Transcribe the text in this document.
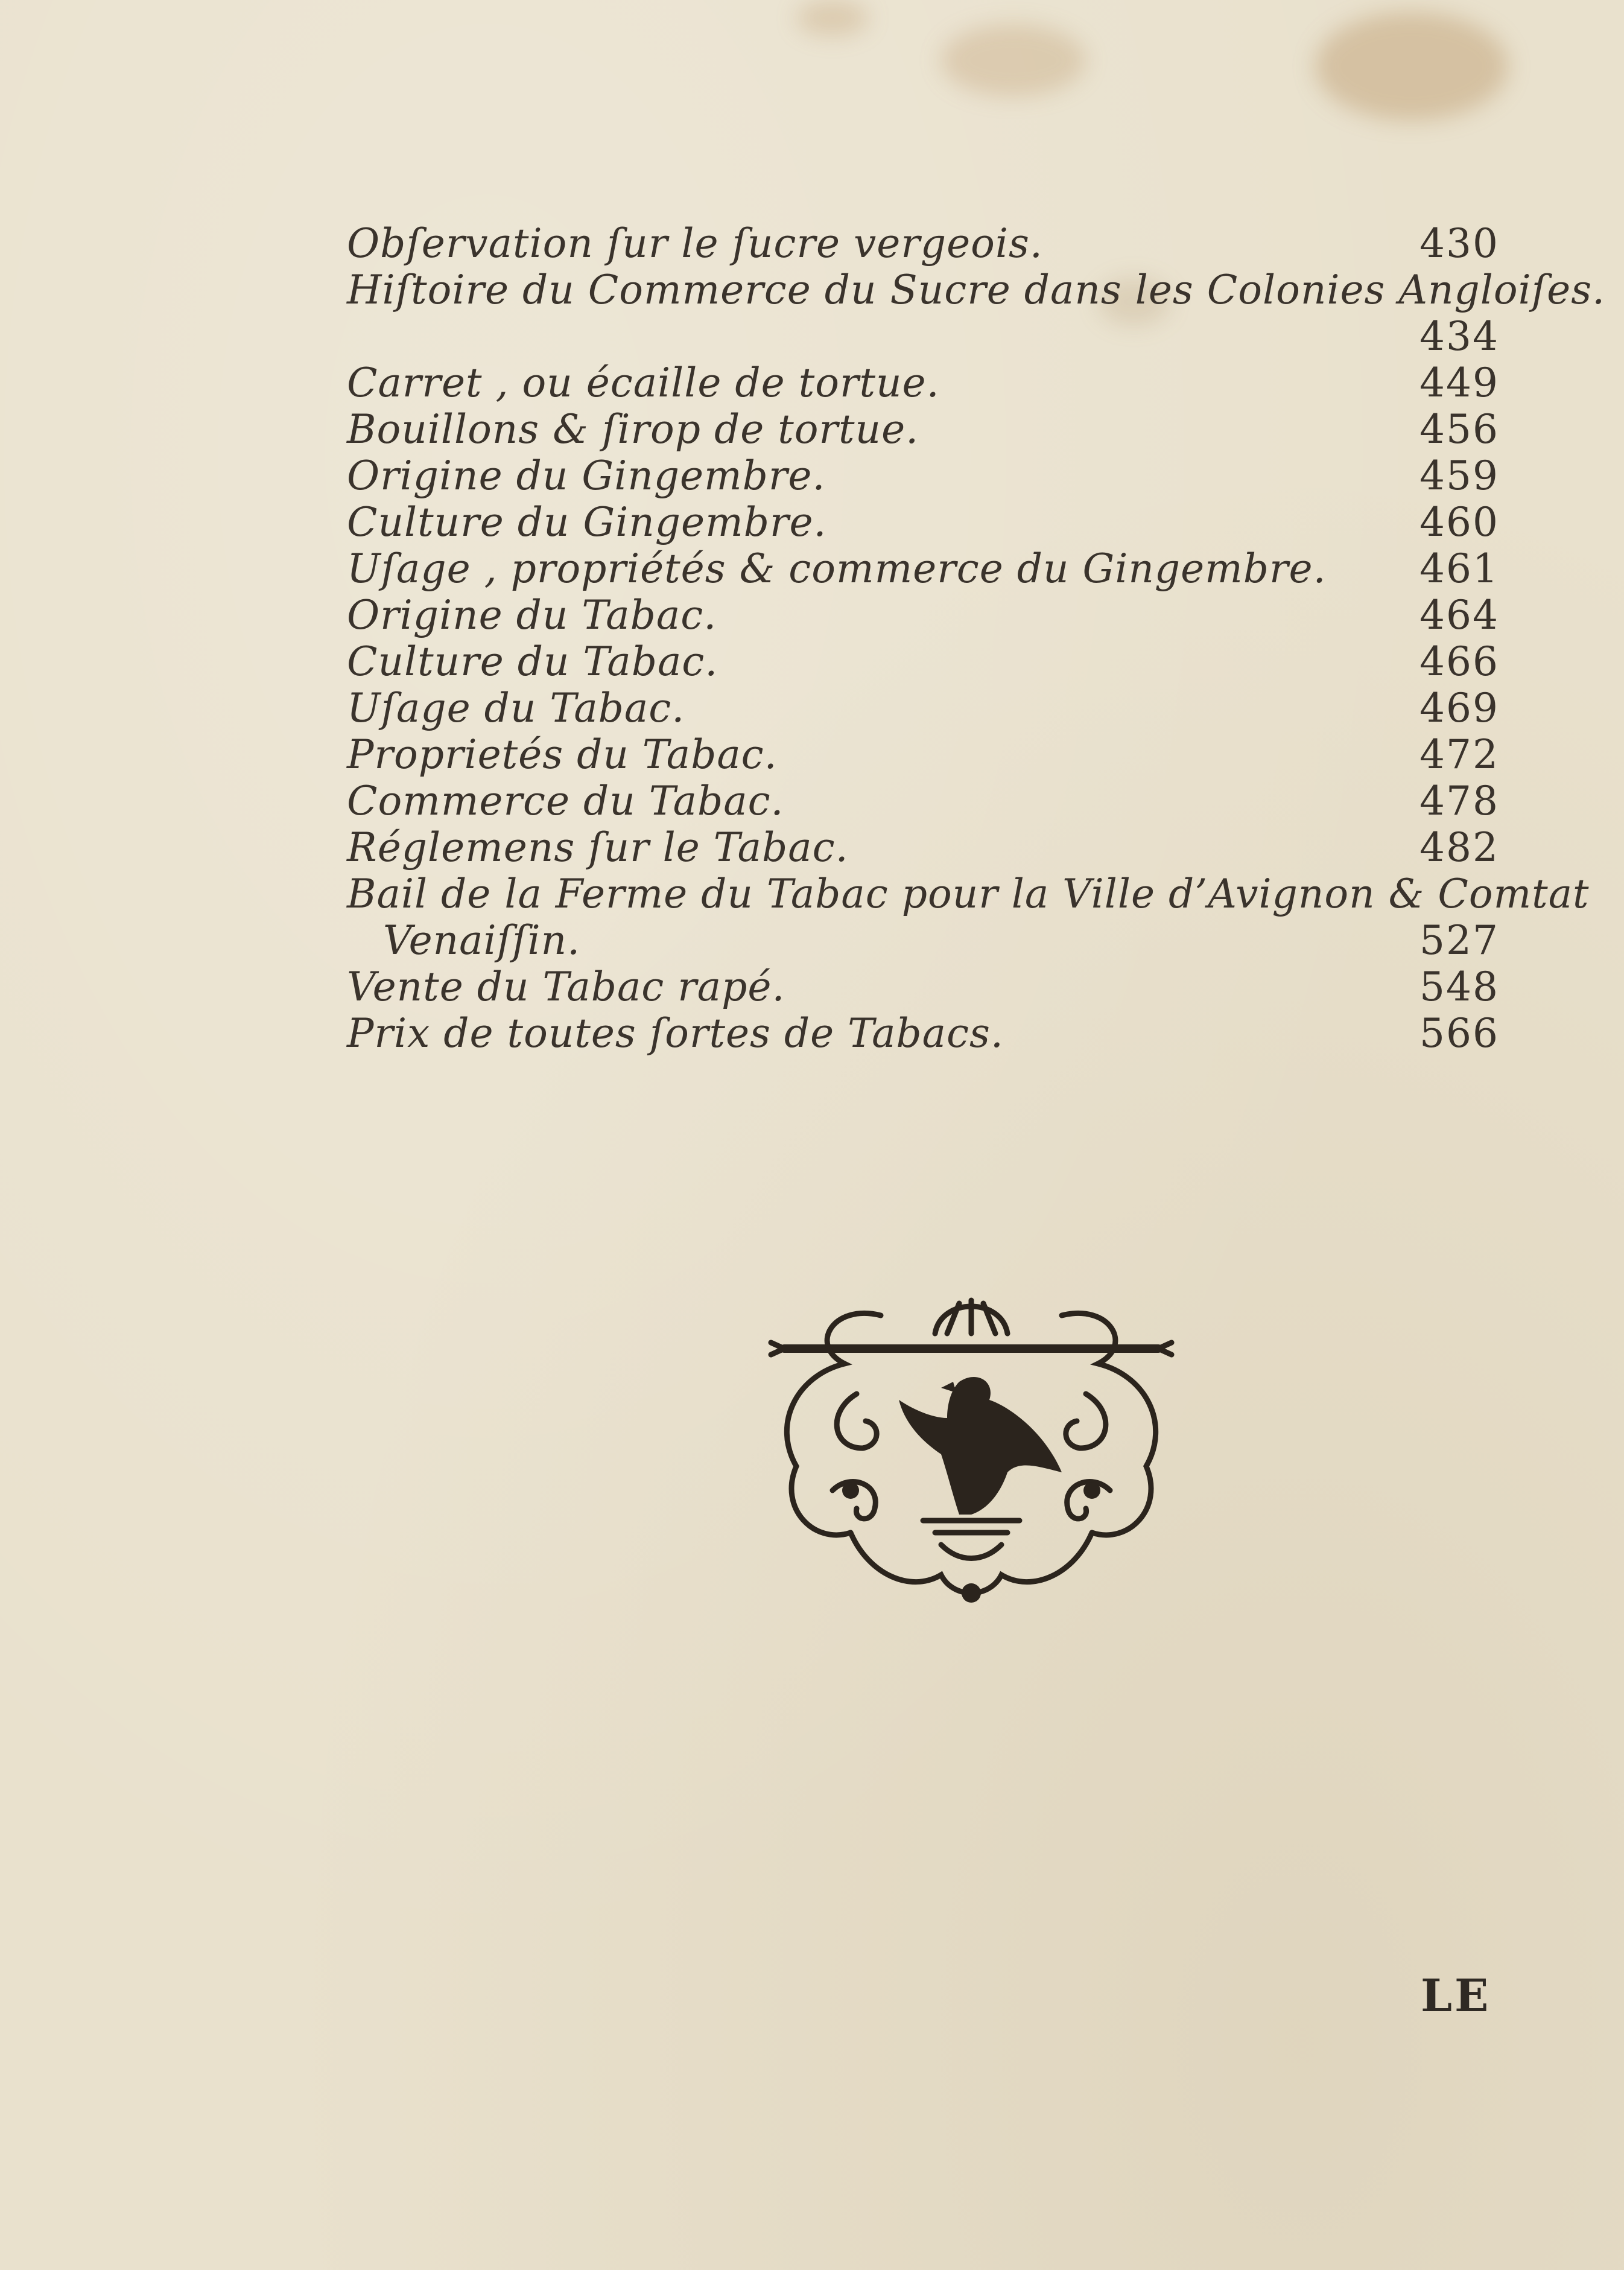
Obſervation ſur le ſucre vergeois.	430
Hiſtoire du Commerce du Sucre dans les Colonies Angloiſes.
434
Carret , ou écaille de tortue.	449
Bouillons & ſirop de tortue.	456
Origine du Gingembre.	459
Culture du Gingembre.	460
Uſage , propriétés & commerce du Gingembre. 461
Origine du Tabac.	464
Culture du Tabac.	466
Uſage du Tabac.	469
Proprietés du Tabac.	472
Commerce du Tabac.	478
Réglemens ſur le Tabac.	482
Bail de la Ferme du Tabac pour la Ville d’Avignon & Comtat
Venaiſſin.	527
Vente du Tabac rapé.	548
Prix de toutes ſortes de Tabacs.	566
LE
